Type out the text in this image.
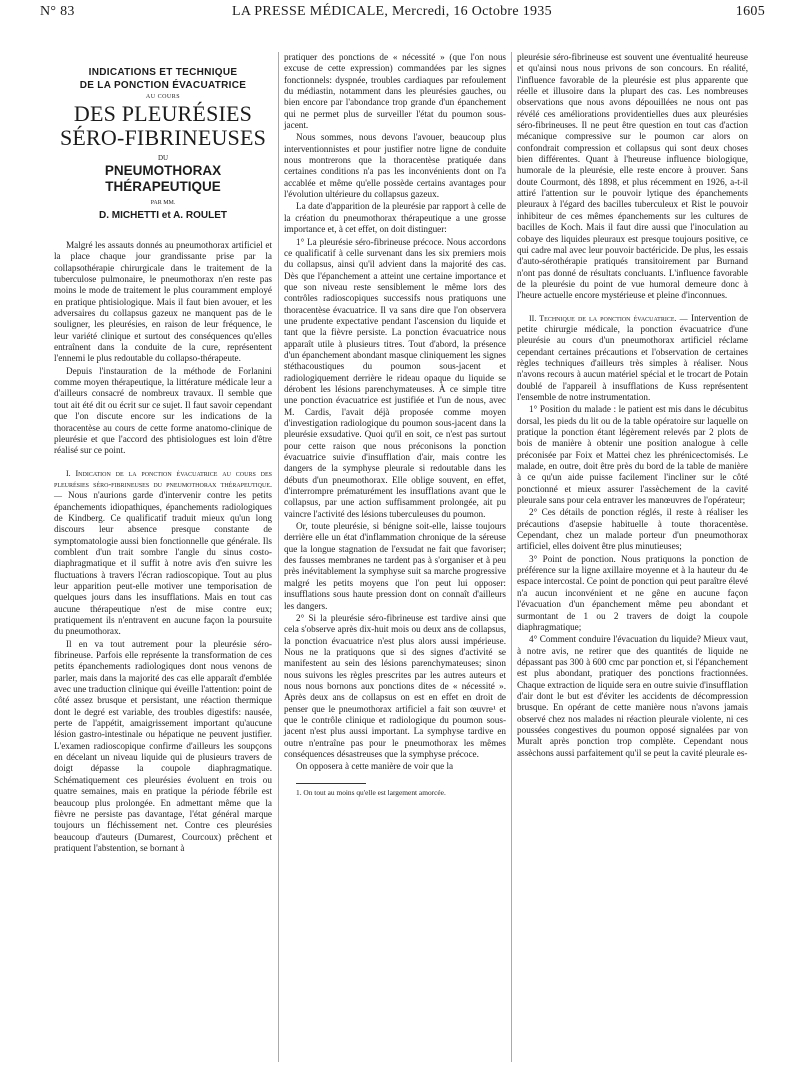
N° 83	LA PRESSE MÉDICALE, Mercredi, 16 Octobre 1935	1605
INDICATIONS ET TECHNIQUE
DE LA PONCTION ÉVACUATRICE
AU COURS
DES PLEURÉSIES
SÉRO-FIBRINEUSES
DU
PNEUMOTHORAX THÉRAPEUTIQUE
PAR MM.
D. MICHETTI et A. ROULET

Malgré les assauts donnés au pneumothorax artificiel et la place chaque jour grandissante prise par la collapsothérapie chirurgicale dans le traitement de la tuberculose pulmonaire, le pneumothorax n'en reste pas moins le mode de traitement le plus couramment employé en pratique phtisiologique. Mais il faut bien avouer, et les adversaires du collapsus gazeux ne manquent pas de le souligner, les pleurésies, en raison de leur fréquence, le leur variété clinique et surtout des conséquences qu'elles entraînent dans la conduite de la cure, représentent l'ennemi le plus redoutable du collapso-thérapeute.

Depuis l'instauration de la méthode de Forlanini comme moyen thérapeutique, la littérature médicale leur a d'ailleurs consacré de nombreux travaux. Il semble que tout ait été dit ou écrit sur ce sujet. Il faut savoir cependant que l'on discute encore sur les indications de la thoracentèse au cours de cette forme anatomo-clinique de pleurésie et que l'accord des phtisiologues est loin d'être réalisé sur ce point.

I. Indication de la ponction évacuatrice au cours des pleurésies séro-fibrineuses du pneumothorax thérapeutique. — Nous n'aurions garde d'intervenir contre les petits épanchements idiopathiques, épanchements radiologiques de Kindberg. Ce qualificatif traduit mieux qu'un long discours leur absence presque constante de symptomatologie aussi bien fonctionnelle que générale. Ils comblent d'un trait sombre l'angle du sinus costo-diaphragmatique et il suffit à notre avis d'en suivre les fluctuations à travers l'écran radioscopique. Tout au plus leur apparition peut-elle motiver une temporisation de quelques jours dans les insufflations. Mais en tout cas aucune thérapeutique n'est de mise contre eux; pratiquement ils n'entravent en aucune façon la poursuite du pneumothorax.

Il en va tout autrement pour la pleurésie séro-fibrineuse. Parfois elle représente la transformation de ces petits épanchements radiologiques dont nous venons de parler, mais dans la majorité des cas elle apparaît d'emblée avec une traduction clinique qui éveille l'attention: point de côté assez brusque et persistant, une réaction thermique dont le degré est variable, des troubles digestifs: nausée, perte de l'appétit, amaigrissement important qu'aucune lésion gastro-intestinale ou hépatique ne peuvent justifier. L'examen radioscopique confirme d'ailleurs les soupçons en décelant un niveau liquide qui de plusieurs travers de doigt dépasse la coupole diaphragmatique. Schématiquement ces pleurésies évoluent en trois ou quatre semaines, mais en pratique la période fébrile est beaucoup plus prolongée. En admettant même que la fièvre ne persiste pas davantage, l'état général marque toujours un fléchissement net. Contre ces pleurésies beaucoup d'auteurs (Dumarest, Courcoux) prêchent et pratiquent l'abstention, se bornant à

pratiquer des ponctions de « nécessité » (que l'on nous excuse de cette expression) commandées par les signes fonctionnels: dyspnée, troubles cardiaques par refoulement du médiastin, notamment dans les pleurésies gauches, ou bien encore par l'abondance trop grande d'un épanchement qui ne permet plus de surveiller l'état du poumon sous-jacent.

Nous sommes, nous devons l'avouer, beaucoup plus interventionnistes et pour justifier notre ligne de conduite nous montrerons que la thoracentèse pratiquée dans certaines conditions n'a pas les inconvénients dont on l'a accablée et même qu'elle possède certains avantages pour l'évolution ultérieure du collapsus gazeux.

La date d'apparition de la pleurésie par rapport à celle de la création du pneumothorax thérapeutique a une grosse importance et, à cet effet, on doit distinguer:

1° La pleurésie séro-fibrineuse précoce. Nous accordons ce qualificatif à celle survenant dans les six premiers mois du collapsus, ainsi qu'il advient dans la majorité des cas. Dès que l'épanchement a atteint une certaine importance et que son niveau reste sensiblement le même lors des contrôles radioscopiques successifs nous pratiquons une thoracentèse évacuatrice. Il va sans dire que l'on observera une prudente expectative pendant l'ascension du liquide et tant que la fièvre persiste. La ponction évacuatrice nous apparaît utile à plusieurs titres. Tout d'abord, la présence d'un épanchement abondant masque cliniquement les signes stéthacoustiques du poumon sous-jacent et radiologiquement derrière le rideau opaque du liquide se dérobent les lésions parenchymateuses. À ce simple titre une ponction évacuatrice est justifiée et l'un de nous, avec M. Cardis, l'avait déjà proposée comme moyen d'investigation radiologique du poumon sous-jacent dans la pleurésie exsudative. Quoi qu'il en soit, ce n'est pas surtout pour cette raison que nous préconisons la ponction évacuatrice suivie d'insufflation d'air, mais contre les dangers de la symphyse pleurale si redoutable dans les débuts d'un pneumothorax. Elle oblige souvent, en effet, d'interrompre prématurément les insufflations avant que le collapsus, par une action suffisamment prolongée, ait pu vaincre l'activité des lésions tuberculeuses du poumon.

Or, toute pleurésie, si bénigne soit-elle, laisse toujours derrière elle un état d'inflammation chronique de la séreuse que la longue stagnation de l'exsudat ne fait que favoriser; des fausses membranes ne tardent pas à s'organiser et à peu près inévitablement la symphyse suit sa marche progressive malgré les petits moyens que l'on peut lui opposer: insufflations sous haute pression dont on connaît d'ailleurs les dangers.

2° Si la pleurésie séro-fibrineuse est tardive ainsi que cela s'observe après dix-huit mois ou deux ans de collapsus, la ponction évacuatrice n'est plus alors aussi impérieuse. Nous ne la pratiquons que si des signes d'activité se manifestent au sein des lésions parenchymateuses; sinon nous suivons les règles prescrites par les autres auteurs et nous nous bornons aux ponctions dites de « nécessité ». Après deux ans de collapsus on est en effet en droit de penser que le pneumothorax artificiel a fait son œuvre¹ et que le contrôle clinique et radiologique du poumon sous-jacent n'est plus aussi important. La symphyse tardive en outre n'entraîne pas pour le pneumothorax les mêmes conséquences désastreuses que la symphyse précoce.

On opposera à cette manière de voir que la

1. On tout au moins qu'elle est largement amorcée.

pleurésie séro-fibrineuse est souvent une éventualité heureuse et qu'ainsi nous nous privons de son concours. En réalité, l'influence favorable de la pleurésie est plus apparente que réelle et illusoire dans la plupart des cas. Les nombreuses observations que nous avons dépouillées ne nous ont pas révélé ces améliorations providentielles dues aux pleurésies séro-fibrineuses. Il ne peut être question en tout cas d'action mécanique compressive sur le poumon car alors on confondrait compression et collapsus qui sont deux choses bien différentes. Quant à l'heureuse influence biologique, humorale de la pleurésie, elle reste encore à prouver. Sans doute Courmont, dès 1898, et plus récemment en 1926, a-t-il attiré l'attention sur le pouvoir lytique des épanchements pleuraux à l'égard des bacilles tuberculeux et Rist le pouvoir inhibiteur de ces mêmes épanchements sur les cultures de bacilles de Koch. Mais il faut dire aussi que l'inoculation au cobaye des liquides pleuraux est presque toujours positive, ce qui cadre mal avec leur pouvoir bactéricide. De plus, les essais d'auto-sérothérapie pratiqués transitoirement par Burnand n'ont pas donné de résultats concluants. L'influence favorable de la pleurésie du point de vue humoral demeure donc à l'heure actuelle encore mystérieuse et pleine d'inconnues.

II. Technique de la ponction évacuatrice. — Intervention de petite chirurgie médicale, la ponction évacuatrice d'une pleurésie au cours d'un pneumothorax artificiel réclame cependant certaines précautions et l'observation de certaines règles techniques d'ailleurs très simples à réaliser. Nous n'avons recours à aucun matériel spécial et le trocart de Potain doublé de l'appareil à insufflations de Kuss représentent l'ensemble de notre instrumentation.

1° Position du malade : le patient est mis dans le décubitus dorsal, les pieds du lit ou de la table opératoire sur laquelle on pratique la ponction étant légèrement relevés par 2 plots de bois de manière à obtenir une position analogue à celle préconisée par Foix et Mattei chez les phrénicectomisés. Le malade, en outre, doit être près du bord de la table de manière à ce qu'un aide puisse facilement l'incliner sur le côté ponctionné et mieux assurer l'assèchement de la cavité pleurale sans pour cela entraver les manœuvres de l'opérateur;

2° Ces détails de ponction réglés, il reste à réaliser les précautions d'asepsie habituelle à toute thoracentèse. Cependant, chez un malade porteur d'un pneumothorax artificiel, elles doivent être plus minutieuses;

3° Point de ponction. Nous pratiquons la ponction de préférence sur la ligne axillaire moyenne et à la hauteur du 4e espace intercostal. Ce point de ponction qui peut paraître élevé n'a aucun inconvénient et ne gêne en aucune façon l'évacuation d'un épanchement même peu abondant et surmontant de 1 ou 2 travers de doigt la coupole diaphragmatique;

4° Comment conduire l'évacuation du liquide? Mieux vaut, à notre avis, ne retirer que des quantités de liquide ne dépassant pas 300 à 600 cmc par ponction et, si l'épanchement est plus abondant, pratiquer des ponctions fractionnées. Chaque extraction de liquide sera en outre suivie d'insufflation d'air dont le but est d'éviter les accidents de décompression brusque. En opérant de cette manière nous n'avons jamais observé chez nos malades ni réaction pleurale violente, ni ces poussées congestives du poumon opposé signalées par von Muralt après ponction trop complète. Cependant nous assèchons aussi parfaitement qu'il se peut la cavité pleurale es-
